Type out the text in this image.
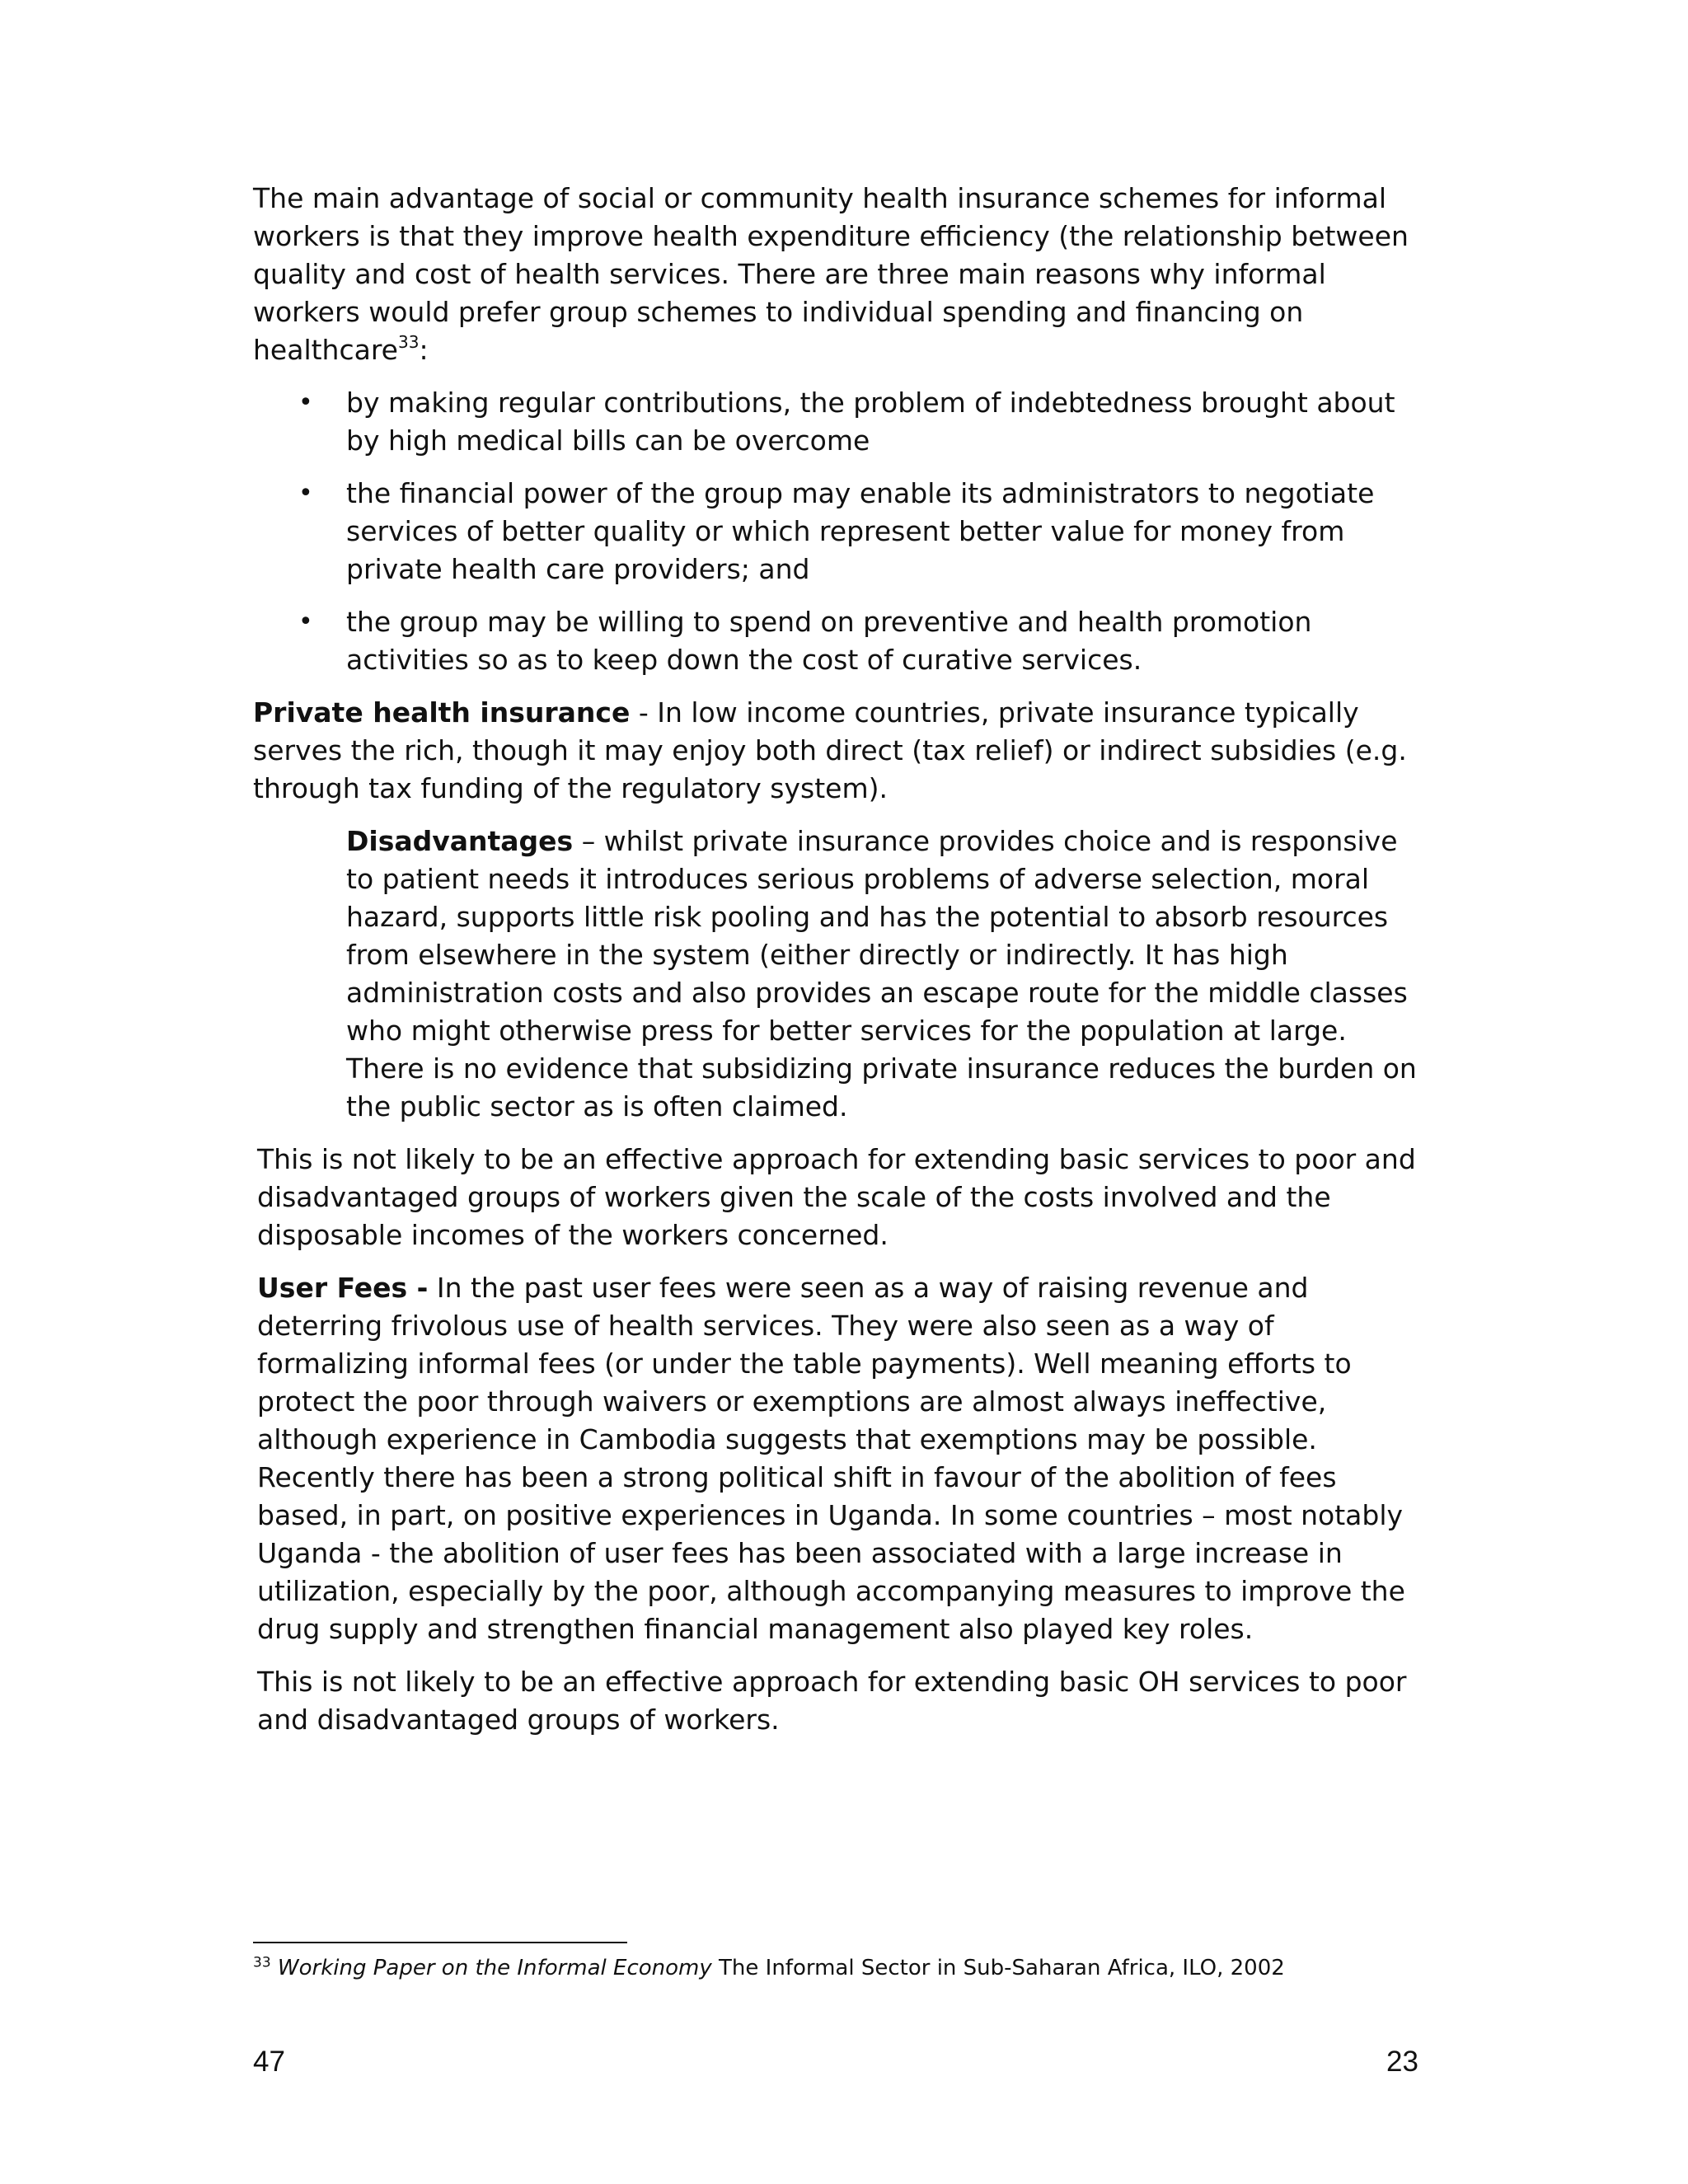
The main advantage of social or community health insurance schemes for informal workers is that they improve health expenditure efficiency (the relationship between quality and cost of health services. There are three main reasons why informal workers would prefer group schemes to individual spending and financing on healthcare$^{33}$:

• by making regular contributions, the problem of indebtedness brought about by high medical bills can be overcome
• the financial power of the group may enable its administrators to negotiate services of better quality or which represent better value for money from private health care providers; and
• the group may be willing to spend on preventive and health promotion activities so as to keep down the cost of curative services.

Private health insurance - In low income countries, private insurance typically serves the rich, though it may enjoy both direct (tax relief) or indirect subsidies (e.g. through tax funding of the regulatory system).

Disadvantages – whilst private insurance provides choice and is responsive to patient needs it introduces serious problems of adverse selection, moral hazard, supports little risk pooling and has the potential to absorb resources from elsewhere in the system (either directly or indirectly. It has high administration costs and also provides an escape route for the middle classes who might otherwise press for better services for the population at large. There is no evidence that subsidizing private insurance reduces the burden on the public sector as is often claimed.

This is not likely to be an effective approach for extending basic services to poor and disadvantaged groups of workers given the scale of the costs involved and the disposable incomes of the workers concerned.

User Fees - In the past user fees were seen as a way of raising revenue and deterring frivolous use of health services. They were also seen as a way of formalizing informal fees (or under the table payments). Well meaning efforts to protect the poor through waivers or exemptions are almost always ineffective, although experience in Cambodia suggests that exemptions may be possible. Recently there has been a strong political shift in favour of the abolition of fees based, in part, on positive experiences in Uganda. In some countries – most notably Uganda - the abolition of user fees has been associated with a large increase in utilization, especially by the poor, although accompanying measures to improve the drug supply and strengthen financial management also played key roles.

This is not likely to be an effective approach for extending basic OH services to poor and disadvantaged groups of workers.

$^{33}$ Working Paper on the Informal Economy The Informal Sector in Sub-Saharan Africa, ILO, 2002
47	23
